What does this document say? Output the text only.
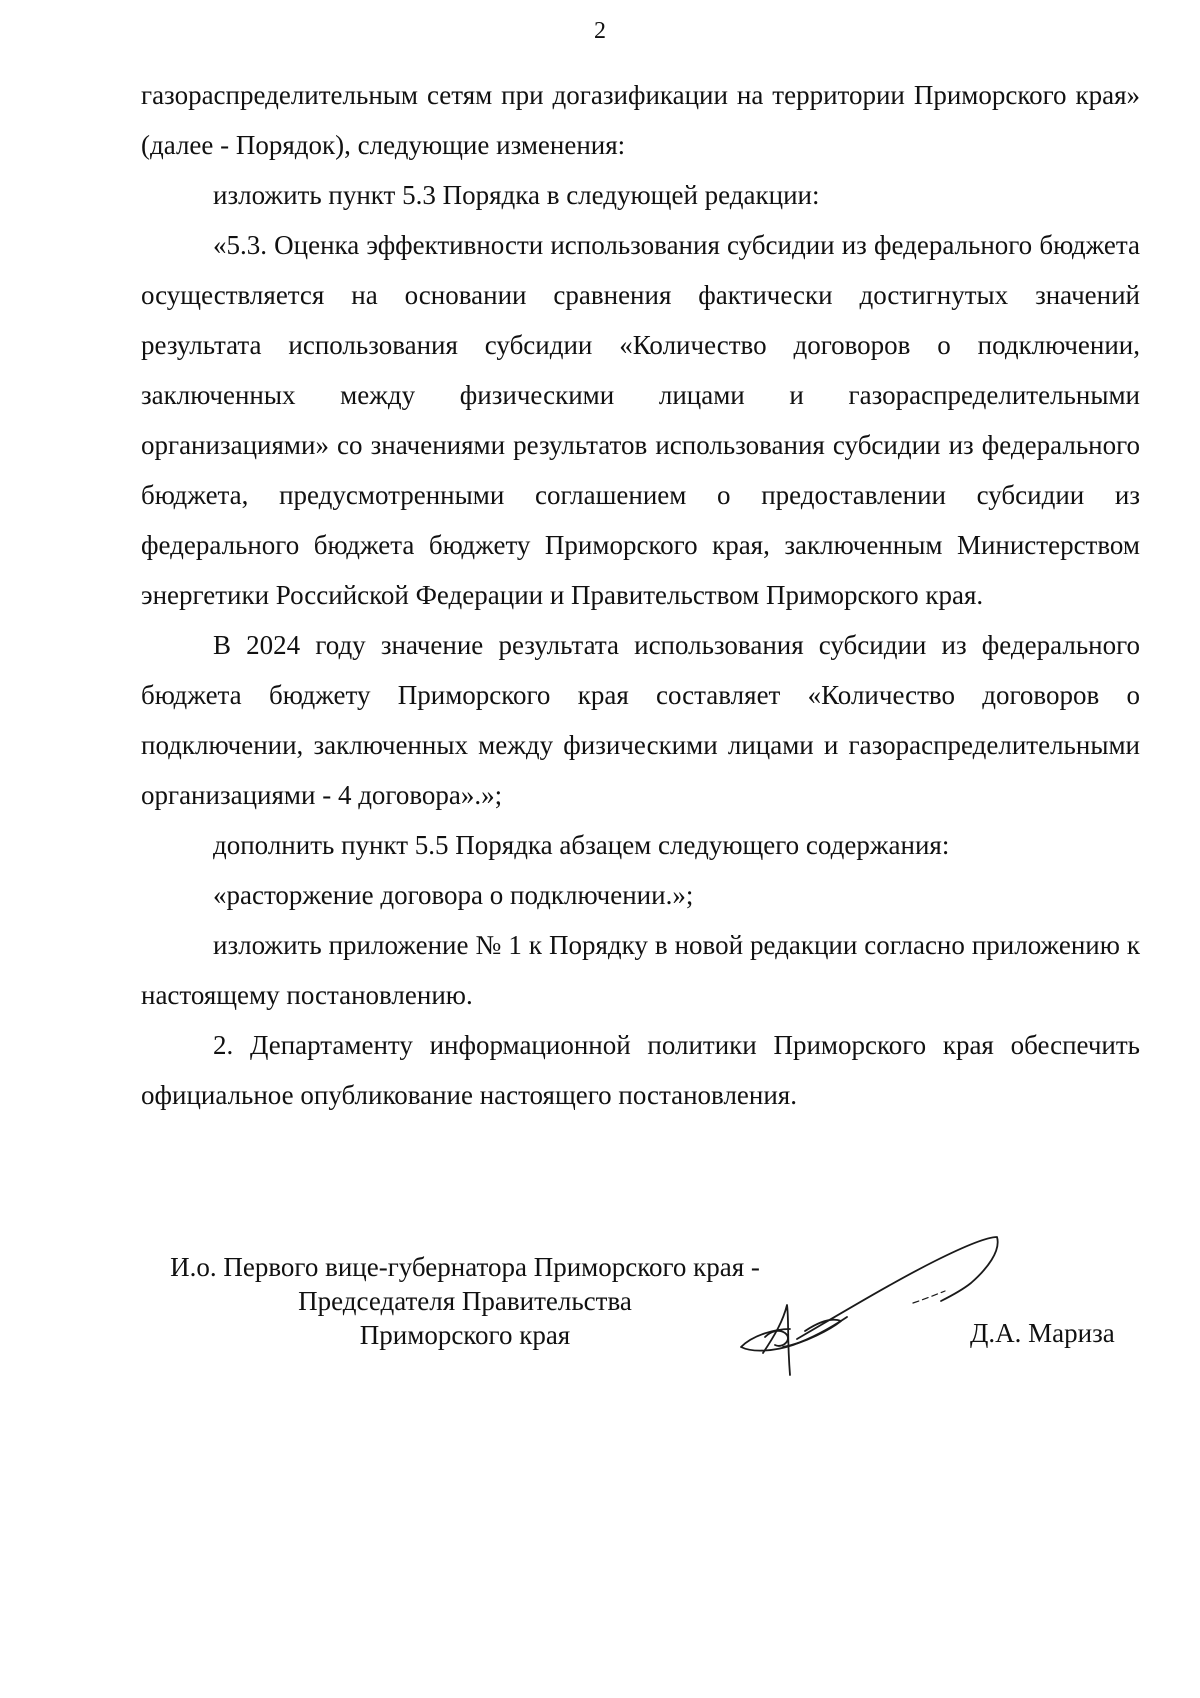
2

газораспределительным сетям при догазификации на территории Приморского края» (далее - Порядок), следующие изменения:

изложить пункт 5.3 Порядка в следующей редакции:

«5.3. Оценка эффективности использования субсидии из федерального бюджета осуществляется на основании сравнения фактически достигнутых значений результата использования субсидии «Количество договоров о подключении, заключенных между физическими лицами и газораспределительными организациями» со значениями результатов использования субсидии из федерального бюджета, предусмотренными соглашением о предоставлении субсидии из федерального бюджета бюджету Приморского края, заключенным Министерством энергетики Российской Федерации и Правительством Приморского края.

В 2024 году значение результата использования субсидии из федерального бюджета бюджету Приморского края составляет «Количество договоров о подключении, заключенных между физическими лицами и газораспределительными организациями - 4 договора».»;

дополнить пункт 5.5 Порядка абзацем следующего содержания:

«расторжение договора о подключении.»;

изложить приложение № 1 к Порядку в новой редакции согласно приложению к настоящему постановлению.

2. Департаменту информационной политики Приморского края обеспечить официальное опубликование настоящего постановления.

И.о. Первого вице-губернатора Приморского края -
Председателя Правительства
Приморского края	Д.А. Мариза
